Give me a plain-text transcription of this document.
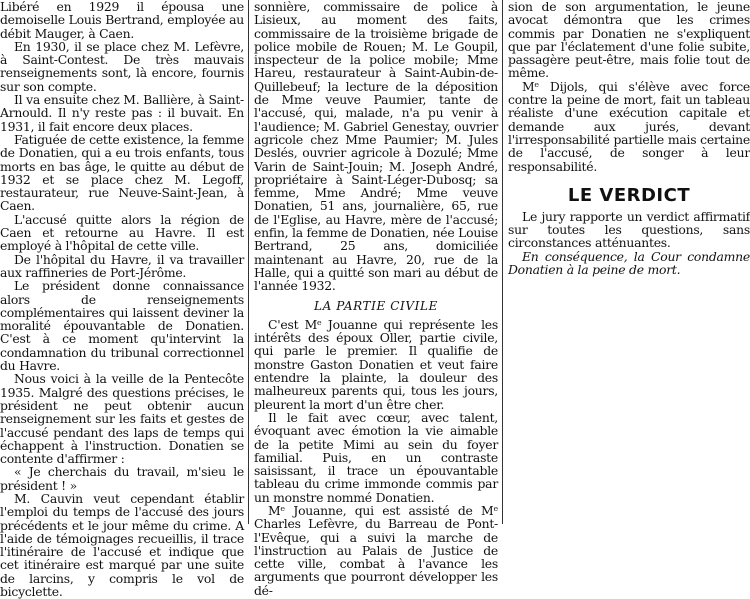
Libéré en 1929 il épousa une demoiselle Louis Bertrand, employée au débit Mauger, à Caen.

En 1930, il se place chez M. Lefèvre, à Saint-Contest. De très mauvais renseignements sont, là encore, fournis sur son compte.

Il va ensuite chez M. Ballière, à Saint-Arnould. Il n'y reste pas : il buvait. En 1931, il fait encore deux places.

Fatiguée de cette existence, la femme de Donatien, qui a eu trois enfants, tous morts en bas âge, le quitte au début de 1932 et se place chez M. Legoff, restaurateur, rue Neuve-Saint-Jean, à Caen.

L'accusé quitte alors la région de Caen et retourne au Havre. Il est employé à l'hôpital de cette ville.

De l'hôpital du Havre, il va travailler aux raffineries de Port-Jérôme.

Le président donne connaissance alors de renseignements complémentaires qui laissent deviner la moralité épouvantable de Donatien. C'est à ce moment qu'intervint la condamnation du tribunal correctionnel du Havre.

Nous voici à la veille de la Pentecôte 1935. Malgré des questions précises, le président ne peut obtenir aucun renseignement sur les faits et gestes de l'accusé pendant des laps de temps qui échappent à l'instruction. Donatien se contente d'affirmer :

« Je cherchais du travail, m'sieu le président ! »

M. Cauvin veut cependant établir l'emploi du temps de l'accusé des jours précédents et le jour même du crime. A l'aide de témoignages recueillis, il trace l'itinéraire de l'accusé et indique que cet itinéraire est marqué par une suite de larcins, y compris le vol de bicyclette.

sonnière, commissaire de police à Lisieux, au moment des faits, commissaire de la troisième brigade de police mobile de Rouen; M. Le Goupil, inspecteur de la police mobile; Mme Hareu, restaurateur à Saint-Aubin-de-Quillebeuf; la lecture de la déposition de Mme veuve Paumier, tante de l'accusé, qui, malade, n'a pu venir à l'audience; M. Gabriel Genestay, ouvrier agricole chez Mme Paumier; M. Jules Deslés, ouvrier agricole à Dozulé; Mme Varin de Saint-Jouin; M. Joseph André, propriétaire à Saint-Léger-Dubosq; sa femme, Mme André; Mme veuve Donatien, 51 ans, journalière, 65, rue de l'Eglise, au Havre, mère de l'accusé; enfin, la femme de Donatien, née Louise Bertrand, 25 ans, domiciliée maintenant au Havre, 20, rue de la Halle, qui a quitté son mari au début de l'année 1932.

LA PARTIE CIVILE

C'est Mᵉ Jouanne qui représente les intérêts des époux Oller, partie civile, qui parle le premier. Il qualifie de monstre Gaston Donatien et veut faire entendre la plainte, la douleur des malheureux parents qui, tous les jours, pleurent la mort d'un être cher.

Il le fait avec cœur, avec talent, évoquant avec émotion la vie aimable de la petite Mimi au sein du foyer familial. Puis, en un contraste saisissant, il trace un épouvantable tableau du crime immonde commis par un monstre nommé Donatien.

Mᵉ Jouanne, qui est assisté de Mᵉ Charles Lefèvre, du Barreau de Pont-l'Evêque, qui a suivi la marche de l'instruction au Palais de Justice de cette ville, combat à l'avance les arguments que pourront développer les dé-

sion de son argumentation, le jeune avocat démontra que les crimes commis par Donatien ne s'expliquent que par l'éclatement d'une folie subite, passagère peut-être, mais folie tout de même.

Mᵉ Dijols, qui s'élève avec force contre la peine de mort, fait un tableau réaliste d'une exécution capitale et demande aux jurés, devant l'irresponsabilité partielle mais certaine de l'accusé, de songer à leur responsabilité.

LE VERDICT

Le jury rapporte un verdict affirmatif sur toutes les questions, sans circonstances atténuantes.

En conséquence, la Cour condamne Donatien à la peine de mort.
